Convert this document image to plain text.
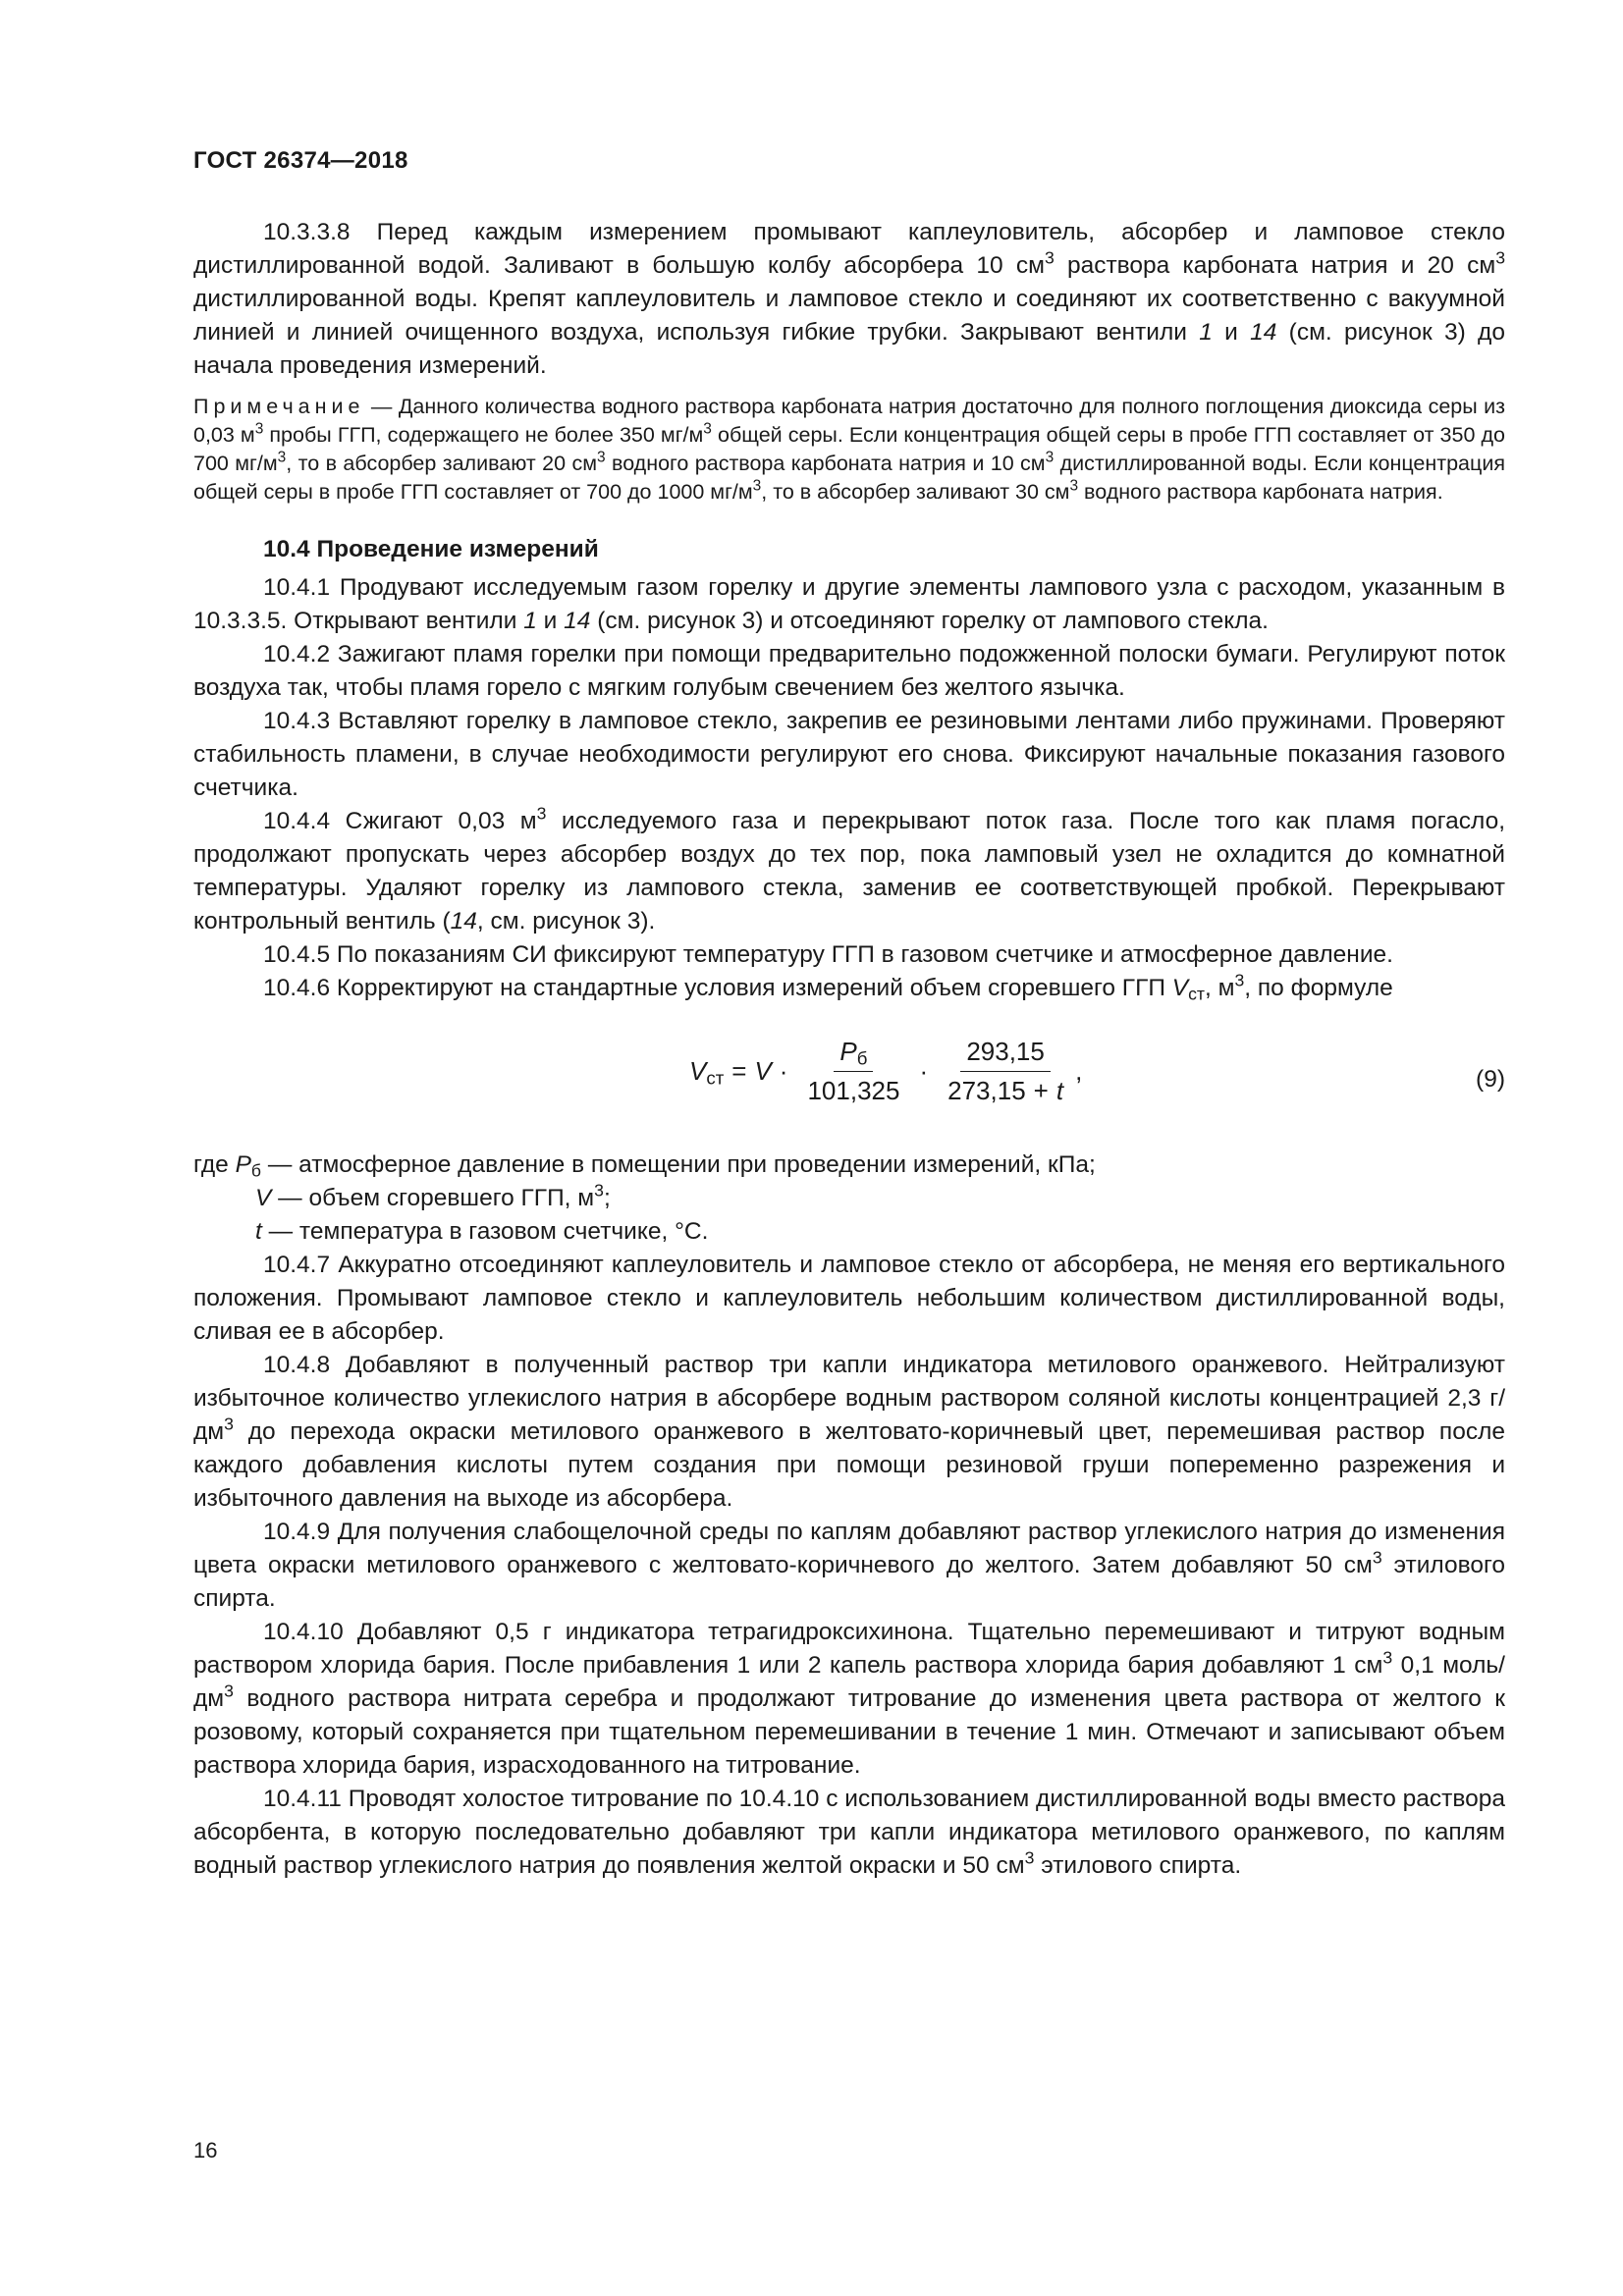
ГОСТ 26374—2018

10.3.3.8 Перед каждым измерением промывают каплеуловитель, абсорбер и ламповое стекло дистиллированной водой. Заливают в большую колбу абсорбера 10 $см^3$ раствора карбоната натрия и 20 $см^3$ дистиллированной воды. Крепят каплеуловитель и ламповое стекло и соединяют их соответственно с вакуумной линией и линией очищенного воздуха, используя гибкие трубки. Закрывают вентили 1 и 14 (см. рисунок 3) до начала проведения измерений.

Примечание — Данного количества водного раствора карбоната натрия достаточно для полного поглощения диоксида серы из 0,03 $м^3$ пробы ГГП, содержащего не более 350 $мг/м^3$ общей серы. Если концентрация общей серы в пробе ГГП составляет от 350 до 700 $мг/м^3$, то в абсорбер заливают 20 $см^3$ водного раствора карбоната натрия и 10 $см^3$ дистиллированной воды. Если концентрация общей серы в пробе ГГП составляет от 700 до 1000 $мг/м^3$, то в абсорбер заливают 30 $см^3$ водного раствора карбоната натрия.

10.4 Проведение измерений

10.4.1 Продувают исследуемым газом горелку и другие элементы лампового узла с расходом, указанным в 10.3.3.5. Открывают вентили 1 и 14 (см. рисунок 3) и отсоединяют горелку от лампового стекла.

10.4.2 Зажигают пламя горелки при помощи предварительно подожженной полоски бумаги. Регулируют поток воздуха так, чтобы пламя горело с мягким голубым свечением без желтого язычка.

10.4.3 Вставляют горелку в ламповое стекло, закрепив ее резиновыми лентами либо пружинами. Проверяют стабильность пламени, в случае необходимости регулируют его снова. Фиксируют начальные показания газового счетчика.

10.4.4 Сжигают 0,03 $м^3$ исследуемого газа и перекрывают поток газа. После того как пламя погасло, продолжают пропускать через абсорбер воздух до тех пор, пока ламповый узел не охладится до комнатной температуры. Удаляют горелку из лампового стекла, заменив ее соответствующей пробкой. Перекрывают контрольный вентиль (14, см. рисунок 3).

10.4.5 По показаниям СИ фиксируют температуру ГГП в газовом счетчике и атмосферное давление.

10.4.6 Корректируют на стандартные условия измерений объем сгоревшего ГГП $V_{ст}$, $м^3$, по формуле

$V_{ст} = V \cdot \frac{P_б}{101,325} \cdot \frac{293,15}{273,15 + t}$ ,	(9)
где $P_б$ — атмосферное давление в помещении при проведении измерений, кПа;
V — объем сгоревшего ГГП, $м^3$;
t — температура в газовом счетчике, °С.

10.4.7 Аккуратно отсоединяют каплеуловитель и ламповое стекло от абсорбера, не меняя его вертикального положения. Промывают ламповое стекло и каплеуловитель небольшим количеством дистиллированной воды, сливая ее в абсорбер.

10.4.8 Добавляют в полученный раствор три капли индикатора метилового оранжевого. Нейтрализуют избыточное количество углекислого натрия в абсорбере водным раствором соляной кислоты концентрацией 2,3 $г/дм^3$ до перехода окраски метилового оранжевого в желтовато-коричневый цвет, перемешивая раствор после каждого добавления кислоты путем создания при помощи резиновой груши попеременно разрежения и избыточного давления на выходе из абсорбера.

10.4.9 Для получения слабощелочной среды по каплям добавляют раствор углекислого натрия до изменения цвета окраски метилового оранжевого с желтовато-коричневого до желтого. Затем добавляют 50 $см^3$ этилового спирта.

10.4.10 Добавляют 0,5 г индикатора тетрагидроксихинона. Тщательно перемешивают и титруют водным раствором хлорида бария. После прибавления 1 или 2 капель раствора хлорида бария добавляют 1 $см^3$ 0,1 моль/$дм^3$ водного раствора нитрата серебра и продолжают титрование до изменения цвета раствора от желтого к розовому, который сохраняется при тщательном перемешивании в течение 1 мин. Отмечают и записывают объем раствора хлорида бария, израсходованного на титрование.

10.4.11 Проводят холостое титрование по 10.4.10 с использованием дистиллированной воды вместо раствора абсорбента, в которую последовательно добавляют три капли индикатора метилового оранжевого, по каплям водный раствор углекислого натрия до появления желтой окраски и 50 $см^3$ этилового спирта.

16
